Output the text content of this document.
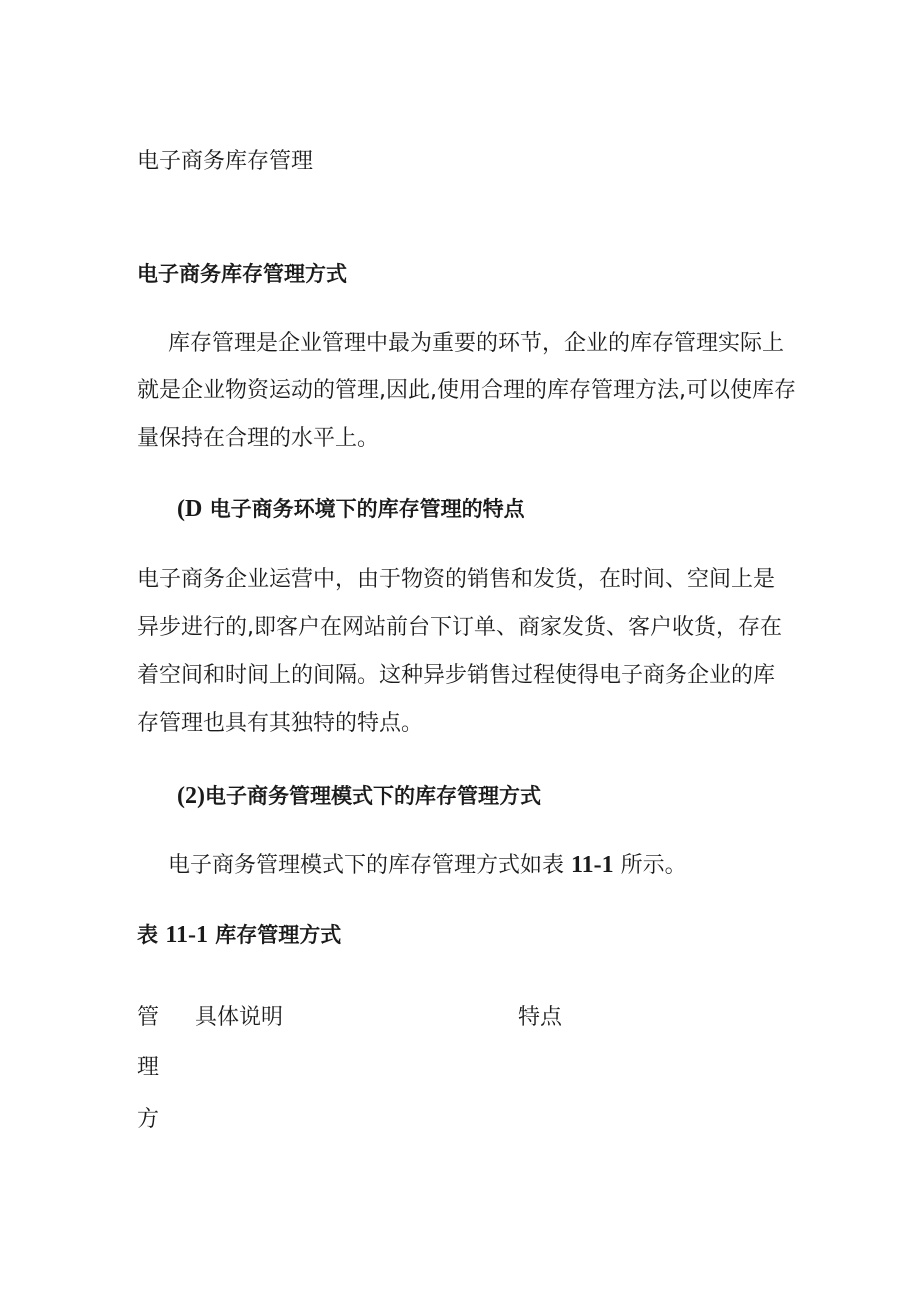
电子商务库存管理
电子商务库存管理方式
库存管理是企业管理中最为重要的环节，企业的库存管理实际上
就是企业物资运动的管理,因此,使用合理的库存管理方法,可以使库存
量保持在合理的水平上。
(D 电子商务环境下的库存管理的特点
电子商务企业运营中，由于物资的销售和发货，在时间、空间上是
异步进行的,即客户在网站前台下订单、商家发货、客户收货，存在
着空间和时间上的间隔。这种异步销售过程使得电子商务企业的库
存管理也具有其独特的特点。
(2)电子商务管理模式下的库存管理方式
电子商务管理模式下的库存管理方式如表 11-1 所示。
表 11-1 库存管理方式
管
理
方
具体说明	特点
